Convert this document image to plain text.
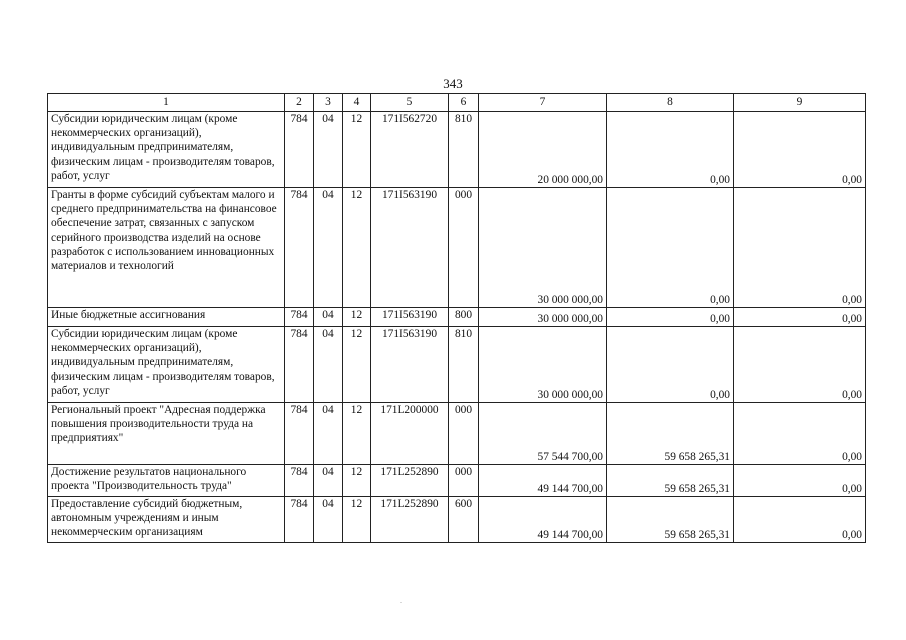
343
1	2	3	4	5	6	7	8	9
Субсидии юридическим лицам (кроме некоммерческих организаций), индивидуальным предпринимателям, физическим лицам - производителям товаров, работ, услуг	784	04	12	171I562720	810	20 000 000,00	0,00	0,00
Гранты в форме субсидий субъектам малого и среднего предпринимательства на финансовое обеспечение затрат, связанных с запуском серийного производства изделий на основе разработок с использованием инновационных материалов и технологий	784	04	12	171I563190	000	30 000 000,00	0,00	0,00
Иные бюджетные ассигнования	784	04	12	171I563190	800	30 000 000,00	0,00	0,00
Субсидии юридическим лицам (кроме некоммерческих организаций), индивидуальным предпринимателям, физическим лицам - производителям товаров, работ, услуг	784	04	12	171I563190	810	30 000 000,00	0,00	0,00
Региональный проект "Адресная поддержка повышения производительности труда на предприятиях"	784	04	12	171L200000	000	57 544 700,00	59 658 265,31	0,00
Достижение результатов национального проекта "Производительность труда"	784	04	12	171L252890	000	49 144 700,00	59 658 265,31	0,00
Предоставление субсидий бюджетным, автономным учреждениям и иным некоммерческим организациям	784	04	12	171L252890	600	49 144 700,00	59 658 265,31	0,00
